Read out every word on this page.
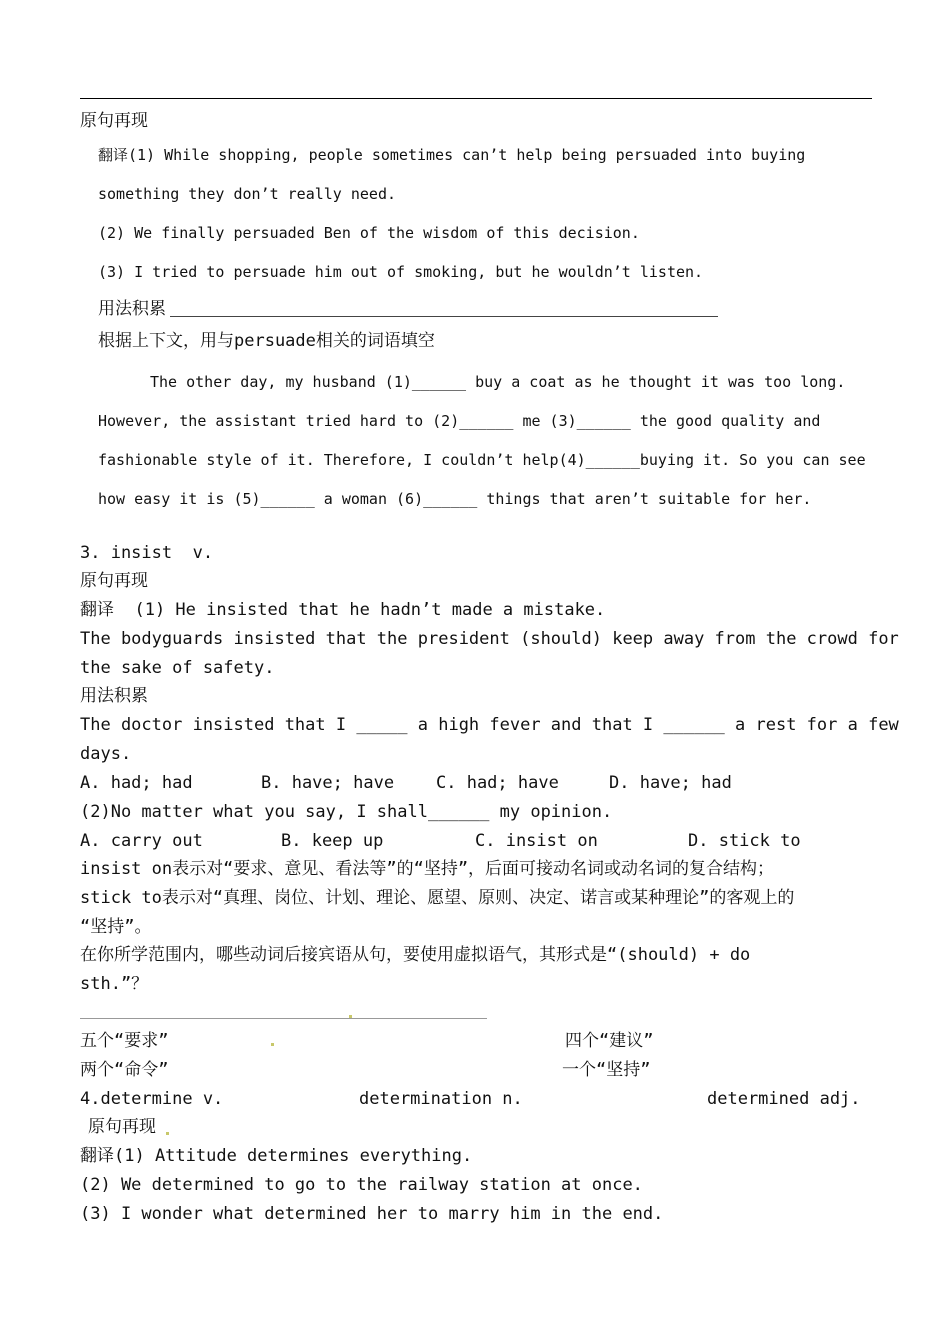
原句再现
翻译(1) While shopping, people sometimes can’t help being persuaded into buying
something they don’t really need.
(2) We finally persuaded Ben of the wisdom of this decision.
(3) I tried to persuade him out of smoking, but he wouldn’t listen.
用法积累
根据上下文，用与persuade相关的词语填空
The other day, my husband (1)______ buy a coat as he thought it was too long.
However, the assistant tried hard to (2)______ me (3)______ the good quality and
fashionable style of it. Therefore, I couldn’t help(4)______buying it. So you can see
how easy it is (5)______ a woman (6)______ things that aren’t suitable for her.
3. insist  v.
原句再现
翻译  (1) He insisted that he hadn’t made a mistake.
The bodyguards insisted that the president (should) keep away from the crowd for
the sake of safety.
用法积累
The doctor insisted that I _____ a high fever and that I ______ a rest for a few
days.
A. had; had	B. have; have C. had; have	D. have; had
(2)No matter what you say, I shall______ my opinion.
A. carry out	B. keep up	C. insist on	D. stick to
insist on表示对“要求、意见、看法等”的“坚持”，后面可接动名词或动名词的复合结构；
stick to表示对“真理、岗位、计划、理论、愿望、原则、决定、诺言或某种理论”的客观上的
“坚持”。
在你所学范围内，哪些动词后接宾语从句，要使用虚拟语气，其形式是“(should) + do
sth.”？
五个“要求”	四个“建议”
两个“命令”	一个“坚持”
4.determine v.	determination n.	determined adj.
原句再现
翻译(1) Attitude determines everything.
(2) We determined to go to the railway station at once.
(3) I wonder what determined her to marry him in the end.
